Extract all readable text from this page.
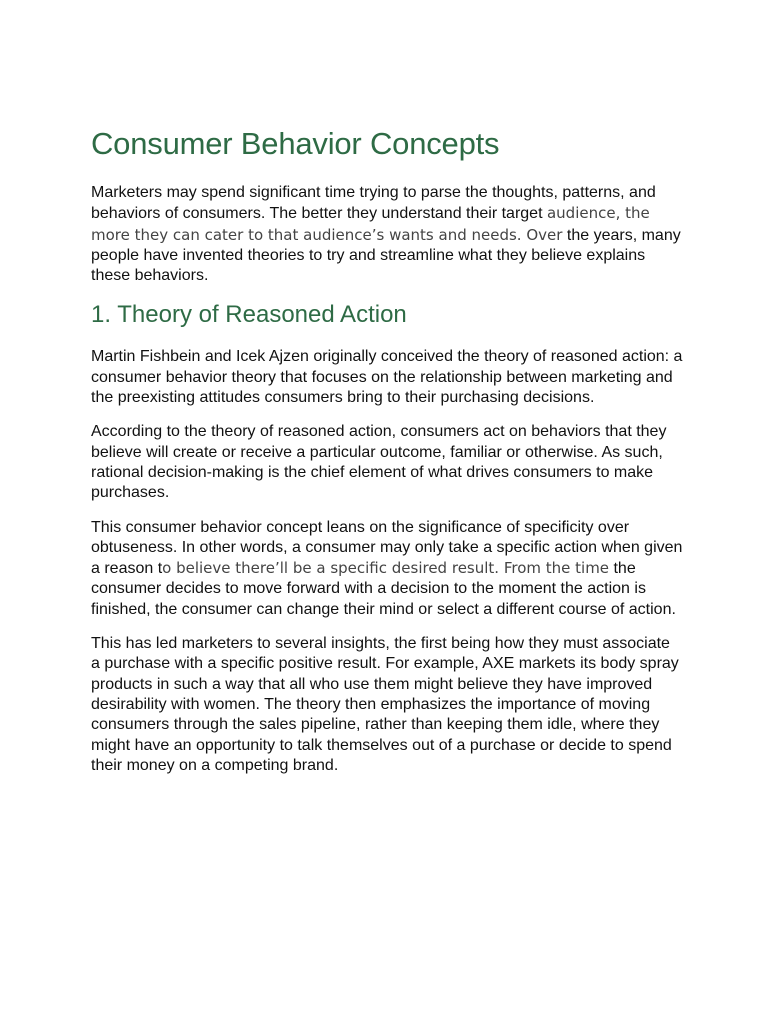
Consumer Behavior Concepts

Marketers may spend significant time trying to parse the thoughts, patterns, and behaviors of consumers. The better they understand their target audience, the more they can cater to that audience’s wants and needs. Over the years, many people have invented theories to try and streamline what they believe explains these behaviors.

1. Theory of Reasoned Action

Martin Fishbein and Icek Ajzen originally conceived the theory of reasoned action: a consumer behavior theory that focuses on the relationship between marketing and the preexisting attitudes consumers bring to their purchasing decisions.

According to the theory of reasoned action, consumers act on behaviors that they believe will create or receive a particular outcome, familiar or otherwise. As such, rational decision-making is the chief element of what drives consumers to make purchases.

This consumer behavior concept leans on the significance of specificity over obtuseness. In other words, a consumer may only take a specific action when given a reason to believe there’ll be a specific desired result. From the time the consumer decides to move forward with a decision to the moment the action is finished, the consumer can change their mind or select a different course of action.

This has led marketers to several insights, the first being how they must associate a purchase with a specific positive result. For example, AXE markets its body spray products in such a way that all who use them might believe they have improved desirability with women. The theory then emphasizes the importance of moving consumers through the sales pipeline, rather than keeping them idle, where they might have an opportunity to talk themselves out of a purchase or decide to spend their money on a competing brand.
